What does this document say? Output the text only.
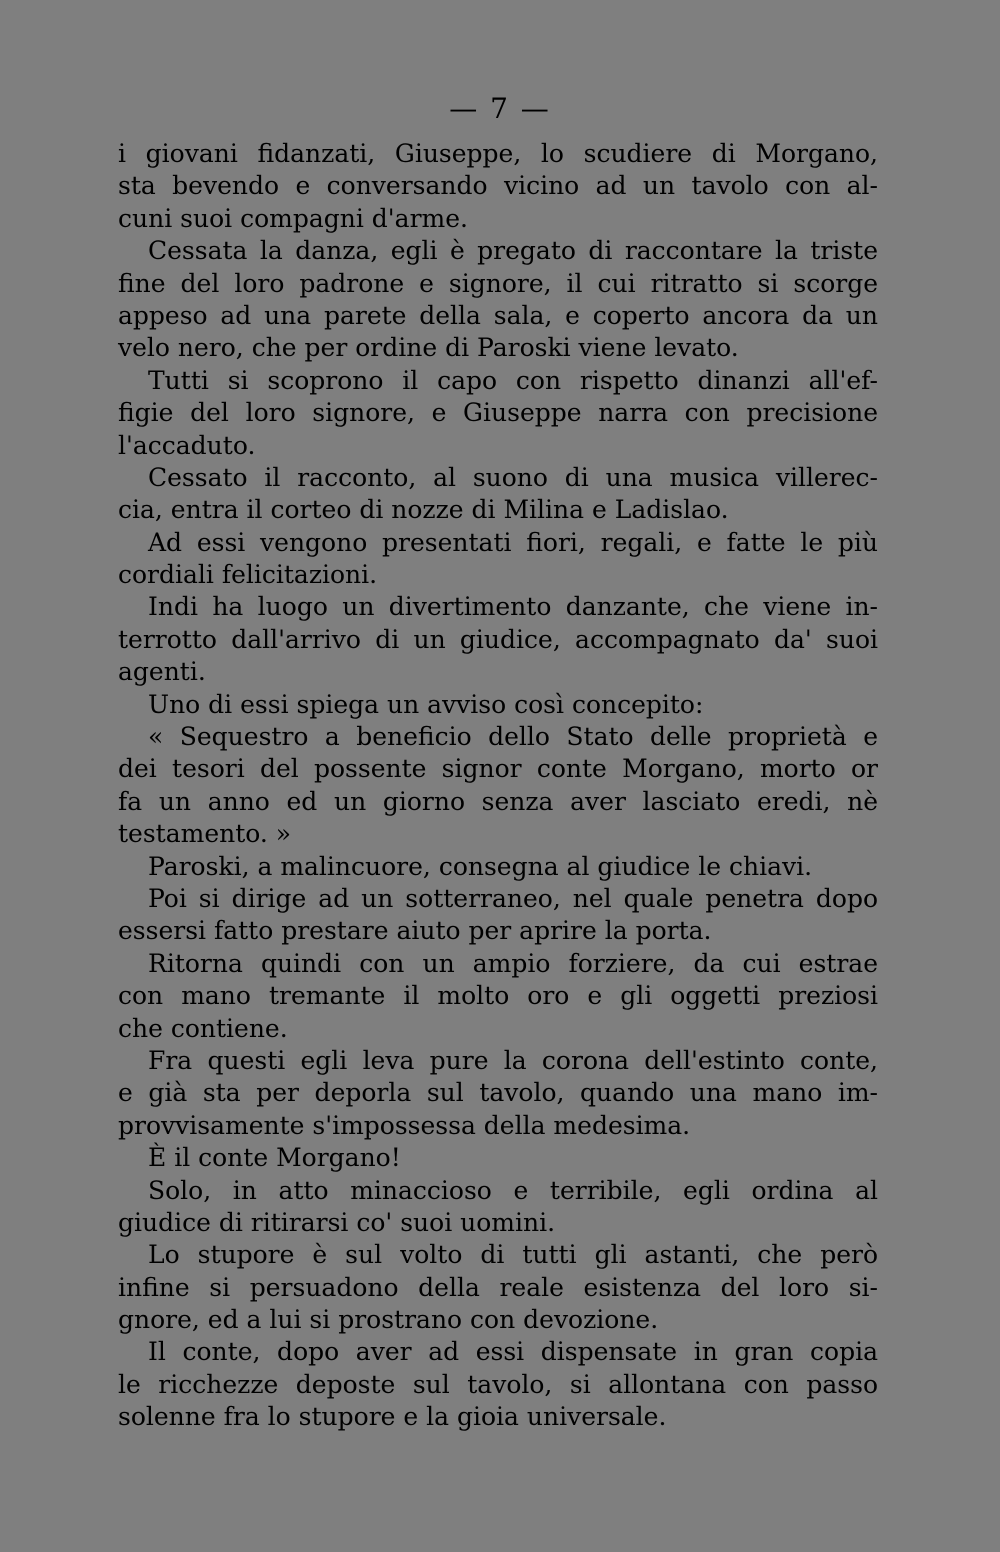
— 7 —
i giovani fidanzati, Giuseppe, lo scudiere di Morgano,
sta bevendo e conversando vicino ad un tavolo con al-
cuni suoi compagni d'arme.
Cessata la danza, egli è pregato di raccontare la triste
fine del loro padrone e signore, il cui ritratto si scorge
appeso ad una parete della sala, e coperto ancora da un
velo nero, che per ordine di Paroski viene levato.
Tutti si scoprono il capo con rispetto dinanzi all'ef-
figie del loro signore, e Giuseppe narra con precisione
l'accaduto.
Cessato il racconto, al suono di una musica villerec-
cia, entra il corteo di nozze di Milina e Ladislao.
Ad essi vengono presentati fiori, regali, e fatte le più
cordiali felicitazioni.
Indi ha luogo un divertimento danzante, che viene in-
terrotto dall'arrivo di un giudice, accompagnato da' suoi
agenti.
Uno di essi spiega un avviso così concepito:
« Sequestro a beneficio dello Stato delle proprietà e
dei tesori del possente signor conte Morgano, morto or
fa un anno ed un giorno senza aver lasciato eredi, nè
testamento. »
Paroski, a malincuore, consegna al giudice le chiavi.
Poi si dirige ad un sotterraneo, nel quale penetra dopo
essersi fatto prestare aiuto per aprire la porta.
Ritorna quindi con un ampio forziere, da cui estrae
con mano tremante il molto oro e gli oggetti preziosi
che contiene.
Fra questi egli leva pure la corona dell'estinto conte,
e già sta per deporla sul tavolo, quando una mano im-
provvisamente s'impossessa della medesima.
È il conte Morgano!
Solo, in atto minaccioso e terribile, egli ordina al
giudice di ritirarsi co' suoi uomini.
Lo stupore è sul volto di tutti gli astanti, che però
infine si persuadono della reale esistenza del loro si-
gnore, ed a lui si prostrano con devozione.
Il conte, dopo aver ad essi dispensate in gran copia
le ricchezze deposte sul tavolo, si allontana con passo
solenne fra lo stupore e la gioia universale.
